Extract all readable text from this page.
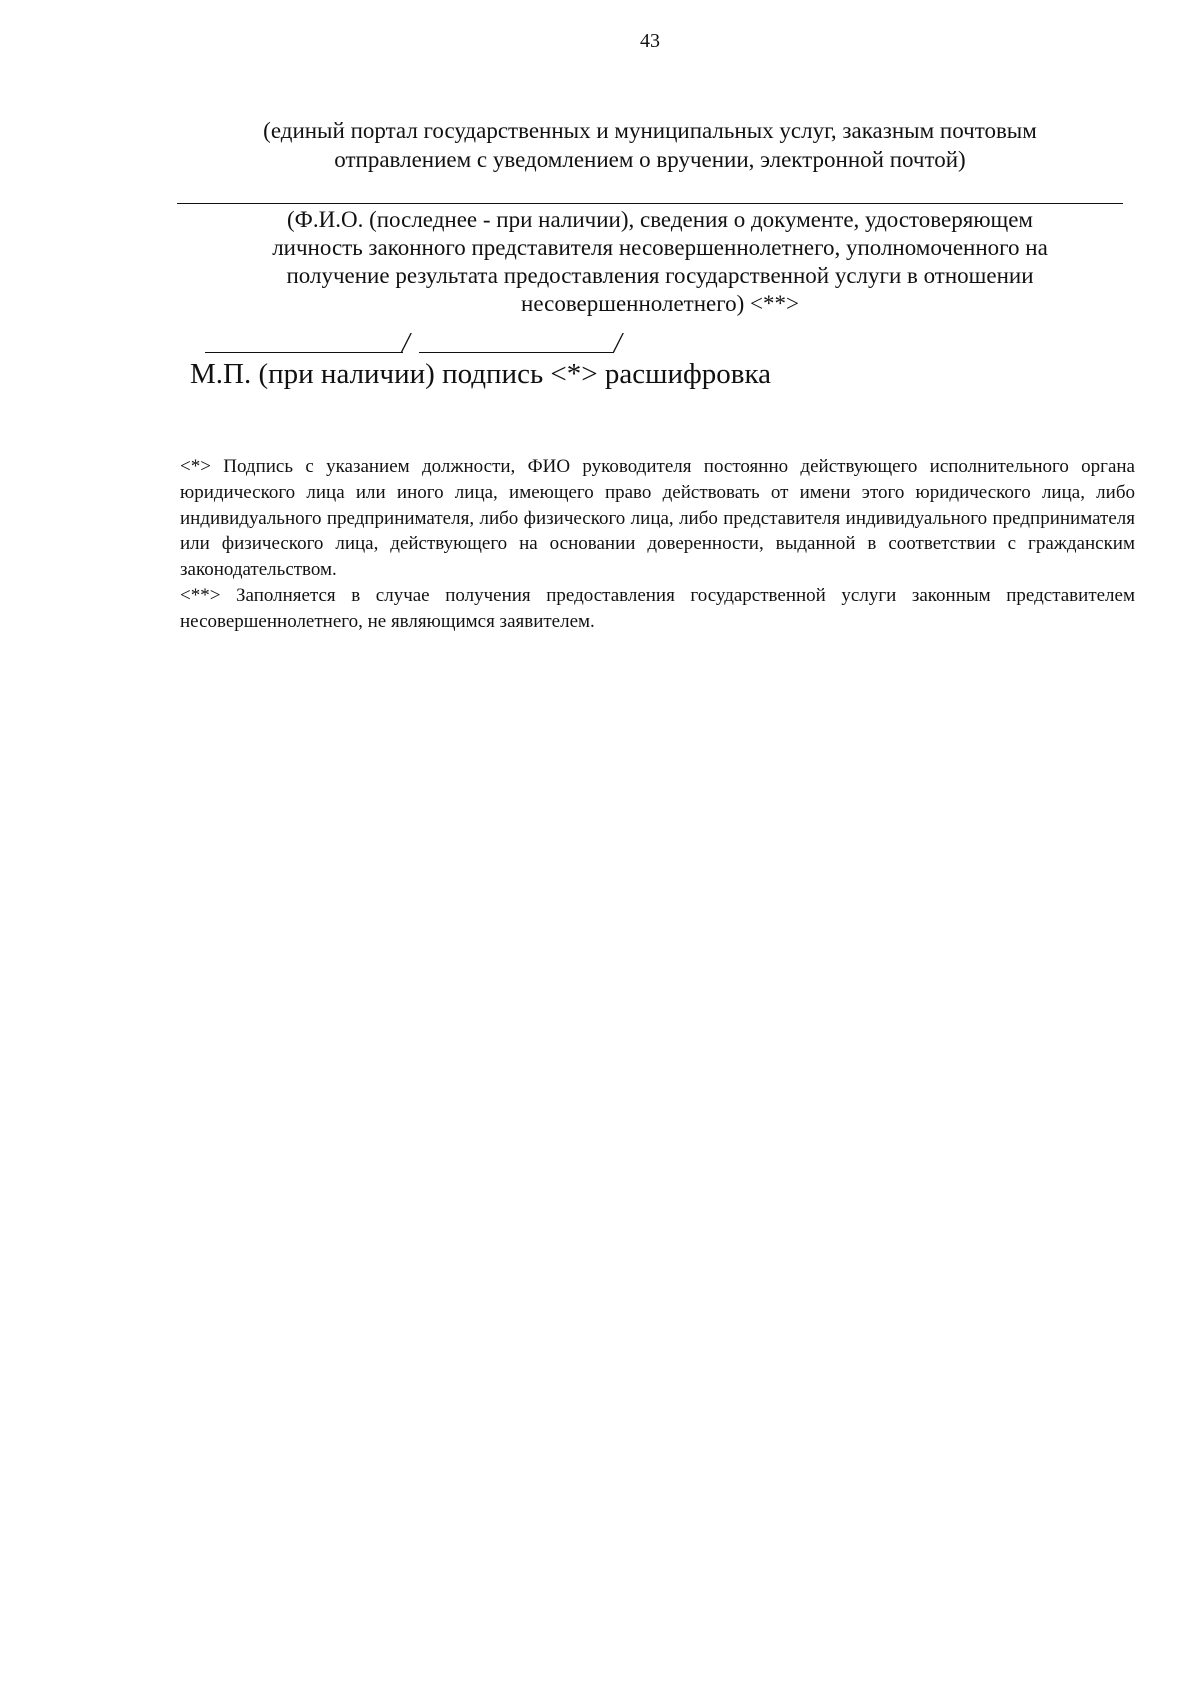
43
(единый портал государственных и муниципальных услуг, заказным почтовым
отправлением с уведомлением о вручении, электронной почтой)
(Ф.И.О. (последнее - при наличии), сведения о документе, удостоверяющем
личность законного представителя несовершеннолетнего, уполномоченного на
получение результата предоставления государственной услуги в отношении
несовершеннолетнего) <**>
/	/
М.П. (при наличии) подпись <*> расшифровка

<*> Подпись с указанием должности, ФИО руководителя постоянно действующего исполнительного органа юридического лица или иного лица, имеющего право действовать от имени этого юридического лица, либо индивидуального предпринимателя, либо физического лица, либо представителя индивидуального предпринимателя или физического лица, действующего на основании доверенности, выданной в соответствии с гражданским законодательством.

<**> Заполняется в случае получения предоставления государственной услуги законным представителем несовершеннолетнего, не являющимся заявителем.
